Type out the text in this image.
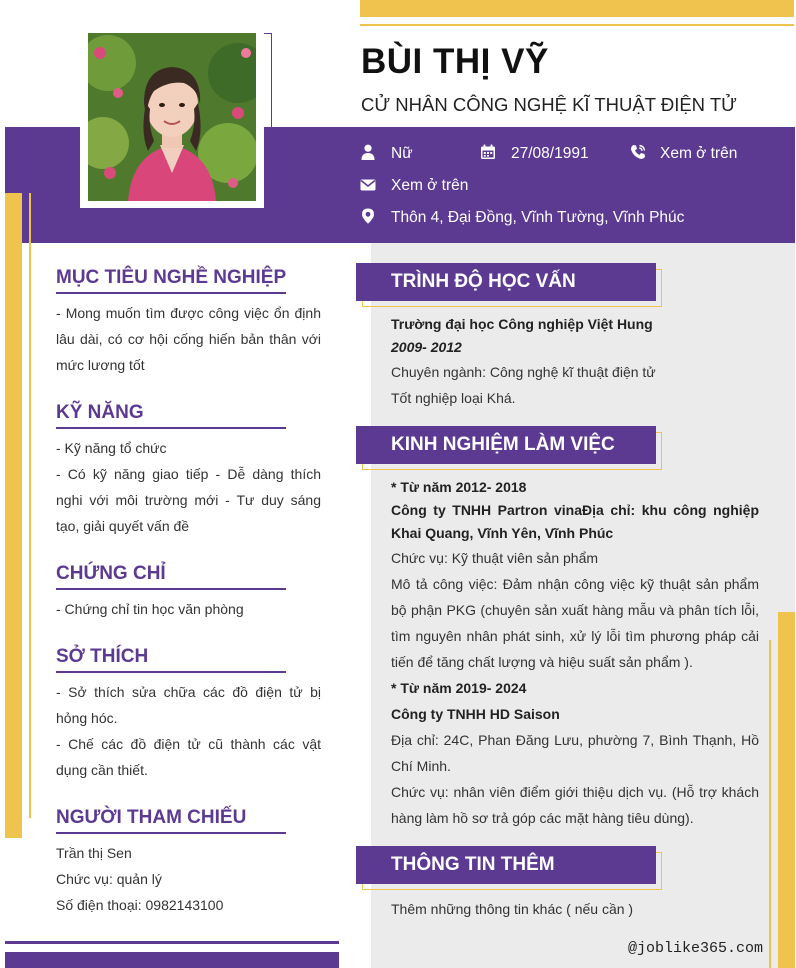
BÙI THỊ VỸ
CỬ NHÂN CÔNG NGHỆ KĨ THUẬT ĐIỆN TỬ
Nữ	27/08/1991	Xem ở trên
Xem ở trên
Thôn 4, Đại Đồng, Vĩnh Tường, Vĩnh Phúc
MỤC TIÊU NGHỀ NGHIỆP
- Mong muốn tìm được công việc ổn định lâu dài, có cơ hội cống hiến bản thân với mức lương tốt
KỸ NĂNG
- Kỹ năng tổ chức
- Có kỹ năng giao tiếp - Dễ dàng thích nghi với môi trường mới - Tư duy sáng tạo, giải quyết vấn đề
CHỨNG CHỈ
- Chứng chỉ tin học văn phòng
SỞ THÍCH
- Sở thích sửa chữa các đồ điện tử bị hỏng hóc.
- Chế các đồ điện tử cũ thành các vật dụng cần thiết.
NGƯỜI THAM CHIẾU
Trần thị Sen
Chức vụ: quản lý
Số điện thoại: 0982143100
TRÌNH ĐỘ HỌC VẤN
Trường đại học Công nghiệp Việt Hung
2009- 2012
Chuyên ngành: Công nghệ kĩ thuật điện tử
Tốt nghiệp loại Khá.
KINH NGHIỆM LÀM VIỆC
* Từ năm 2012- 2018
Công ty TNHH Partron vinaĐịa chỉ: khu công nghiệp Khai Quang, Vĩnh Yên, Vĩnh Phúc
Chức vụ: Kỹ thuật viên sản phẩm
Mô tả công việc: Đảm nhận công việc kỹ thuật sản phẩm bộ phận PKG (chuyên sản xuất hàng mẫu và phân tích lỗi, tìm nguyên nhân phát sinh, xử lý lỗi tìm phương pháp cải tiến để tăng chất lượng và hiệu suất sản phẩm ).
* Từ năm 2019- 2024
Công ty TNHH HD Saison
Địa chỉ: 24C, Phan Đăng Lưu, phường 7, Bình Thạnh, Hồ Chí Minh.
Chức vụ: nhân viên điểm giới thiệu dịch vụ. (Hỗ trợ khách hàng làm hồ sơ trả góp các mặt hàng tiêu dùng).
THÔNG TIN THÊM
Thêm những thông tin khác ( nếu cần )
@joblike365.com
